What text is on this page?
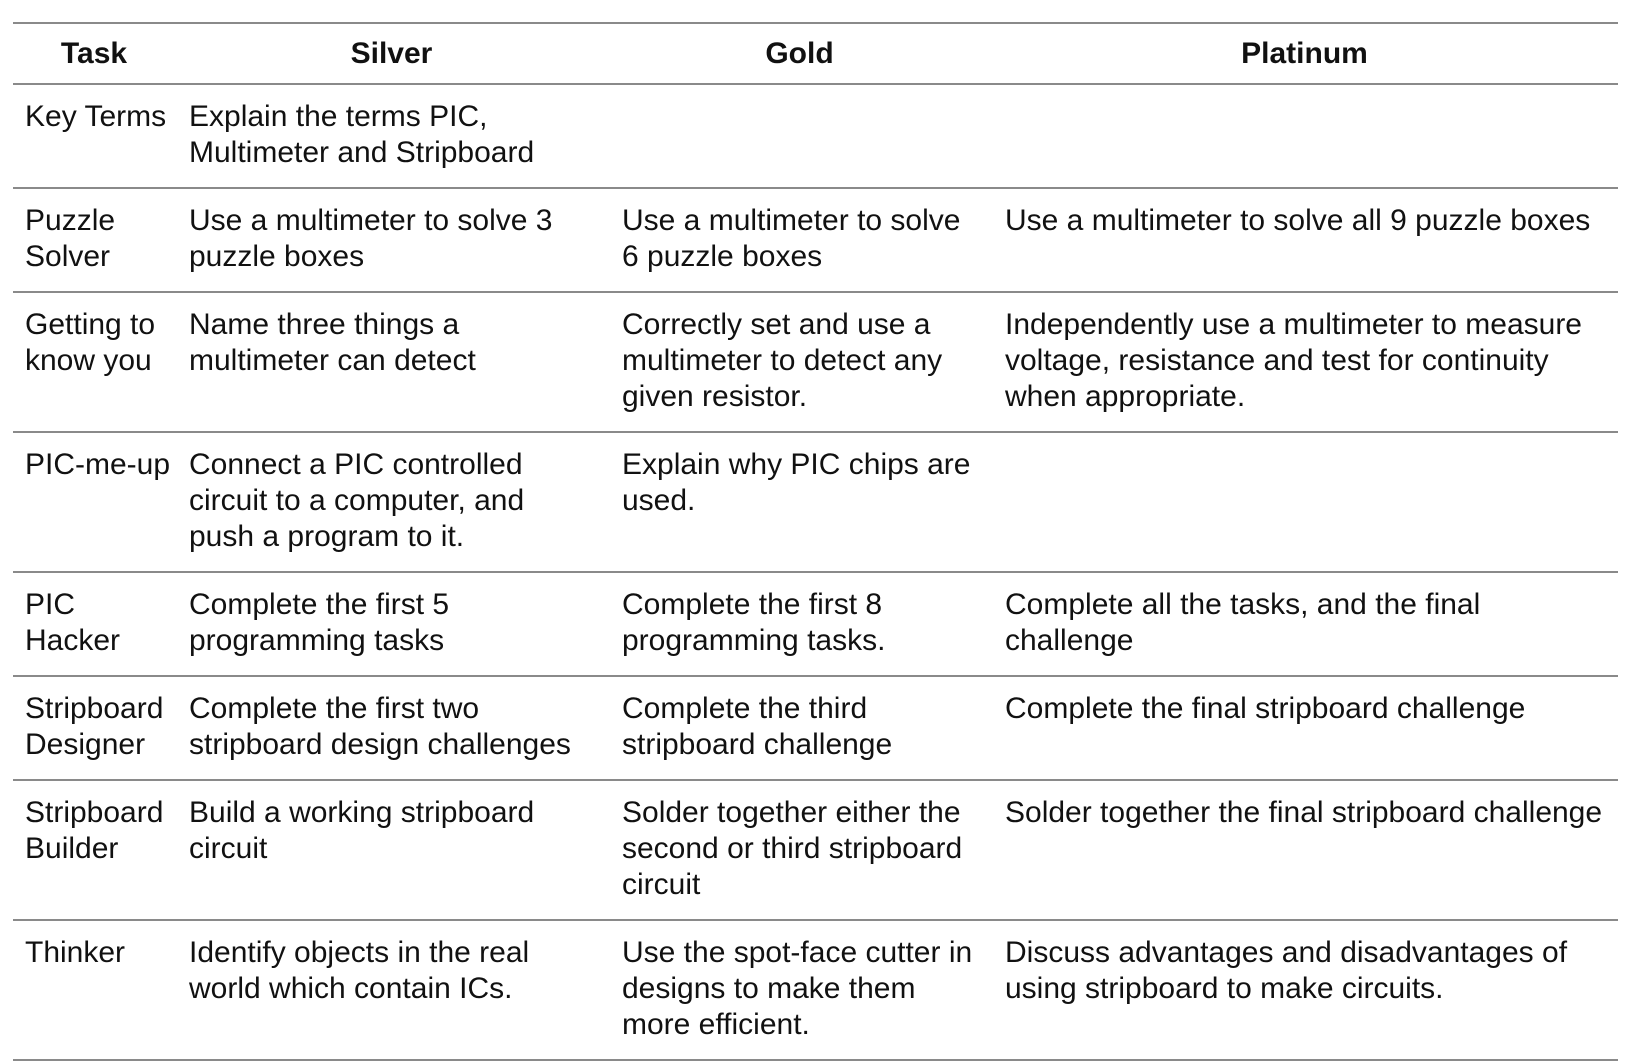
Task	Silver	Gold	Platinum
Key Terms	Explain the terms PIC, Multimeter and Stripboard		
Puzzle Solver	Use a multimeter to solve 3 puzzle boxes	Use a multimeter to solve 6 puzzle boxes	Use a multimeter to solve all 9 puzzle boxes
Getting to know you	Name three things a multimeter can detect	Correctly set and use a multimeter to detect any given resistor.	Independently use a multimeter to measure voltage, resistance and test for continuity when appropriate.
PIC-me-up	Connect a PIC controlled circuit to a computer, and push a program to it.	Explain why PIC chips are used.	
PIC Hacker	Complete the first 5 programming tasks	Complete the first 8 programming tasks.	Complete all the tasks, and the final challenge
Stripboard Designer	Complete the first two stripboard design challenges	Complete the third stripboard challenge	Complete the final stripboard challenge
Stripboard Builder	Build a working stripboard circuit	Solder together either the second or third stripboard circuit	Solder together the final stripboard challenge
Thinker	Identify objects in the real world which contain ICs.	Use the spot-face cutter in designs to make them more efficient.	Discuss advantages and disadvantages of using stripboard to make circuits.
